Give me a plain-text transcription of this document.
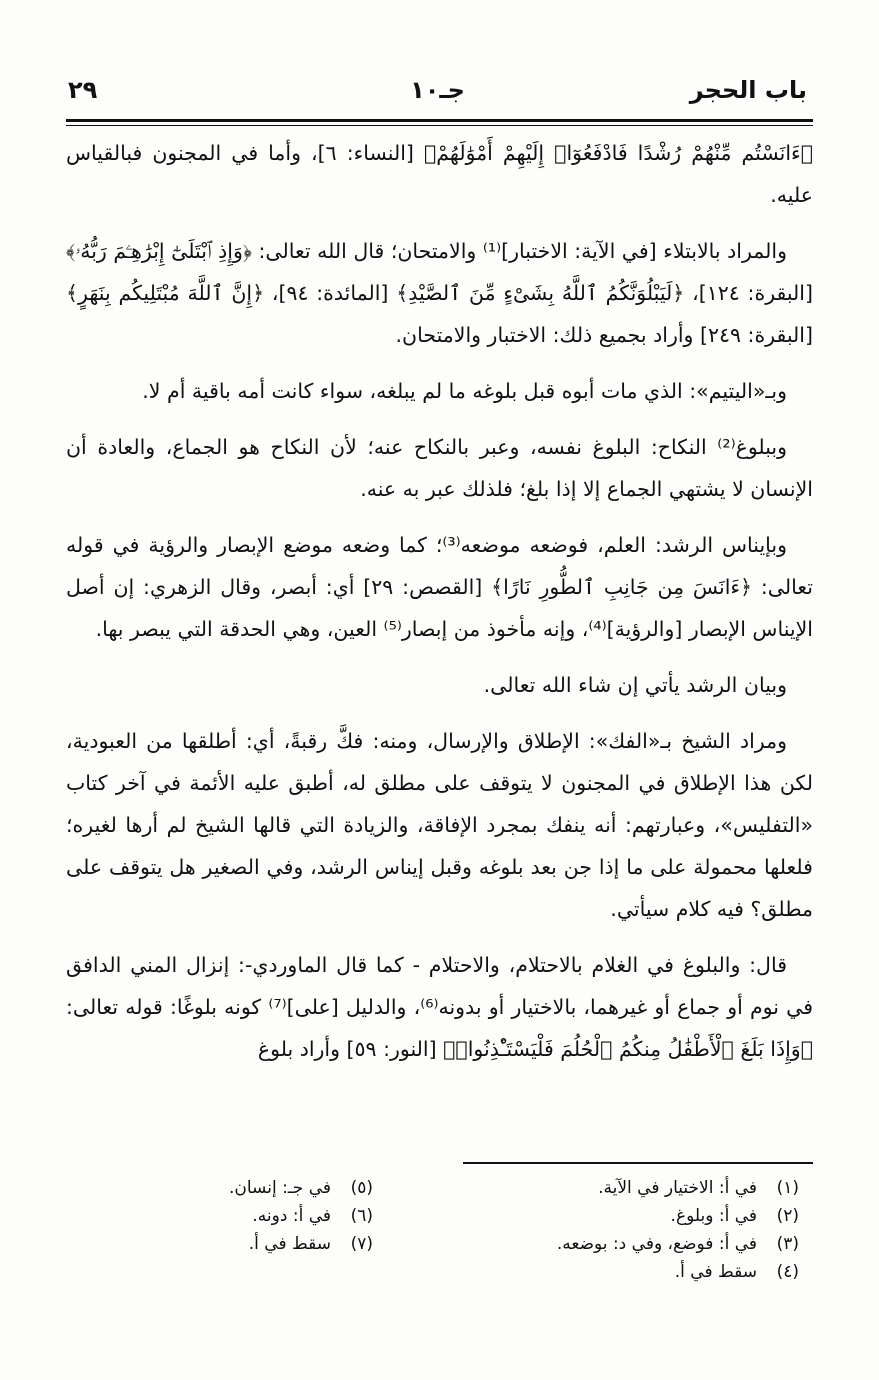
باب الحجر
جـ١٠
٢٩

﴿ءَانَسْتُم مِّنْهُمْ رُشْدًا فَادْفَعُوٓا۟ إِلَيْهِمْ أَمْوَٰلَهُمْ﴾ [النساء: ٦]، وأما في المجنون فبالقياس عليه.

والمراد بالابتلاء [في الآية: الاختبار]⁽¹⁾ والامتحان؛ قال الله تعالى: ﴿وَإِذِ ٱبْتَلَىٰٓ إِبْرَٰهِـۧمَ رَبُّهُۥ﴾ [البقرة: ١٢٤]، ﴿لَيَبْلُوَنَّكُمُ ٱللَّهُ بِشَىْءٍ مِّنَ ٱلصَّيْدِ﴾ [المائدة: ٩٤]، ﴿إِنَّ ٱللَّهَ مُبْتَلِيكُم بِنَهَرٍ﴾ [البقرة: ٢٤٩] وأراد بجميع ذلك: الاختبار والامتحان.

وبـ«اليتيم»: الذي مات أبوه قبل بلوغه ما لم يبلغه، سواء كانت أمه باقية أم لا.

وببلوغ⁽²⁾ النكاح: البلوغ نفسه، وعبر بالنكاح عنه؛ لأن النكاح هو الجماع، والعادة أن الإنسان لا يشتهي الجماع إلا إذا بلغ؛ فلذلك عبر به عنه.

وبإيناس الرشد: العلم، فوضعه موضعه⁽³⁾؛ كما وضعه موضع الإبصار والرؤية في قوله تعالى: ﴿ءَانَسَ مِن جَانِبِ ٱلطُّورِ نَارًا﴾ [القصص: ٢٩] أي: أبصر، وقال الزهري: إن أصل الإيناس الإبصار [والرؤية]⁽⁴⁾، وإنه مأخوذ من إبصار⁽⁵⁾ العين، وهي الحدقة التي يبصر بها.

وبيان الرشد يأتي إن شاء الله تعالى.

ومراد الشيخ بـ«الفك»: الإطلاق والإرسال، ومنه: فكَّ رقبةً، أي: أطلقها من العبودية، لكن هذا الإطلاق في المجنون لا يتوقف على مطلق له، أطبق عليه الأئمة في آخر كتاب «التفليس»، وعبارتهم: أنه ينفك بمجرد الإفاقة، والزيادة التي قالها الشيخ لم أرها لغيره؛ فلعلها محمولة على ما إذا جن بعد بلوغه وقبل إيناس الرشد، وفي الصغير هل يتوقف على مطلق؟ فيه كلام سيأتي.

قال: والبلوغ في الغلام بالاحتلام، والاحتلام - كما قال الماوردي-: إنزال المني الدافق في نوم أو جماع أو غيرهما، بالاختيار أو بدونه⁽⁶⁾، والدليل [على]⁽⁷⁾ كونه بلوغًا: قوله تعالى: ﴿وَإِذَا بَلَغَ ٱلْأَطْفَٰلُ مِنكُمُ ٱلْحُلُمَ فَلْيَسْتَـْٔذِنُوا۟﴾ [النور: ٥٩] وأراد بلوغ

(١)في أ: الاختيار في الآية.
(٢)في أ: وبلوغ.
(٣)في أ: فوضع، وفي د: بوضعه.
(٤)سقط في أ.
(٥)في جـ: إنسان.
(٦)في أ: دونه.
(٧)سقط في أ.
